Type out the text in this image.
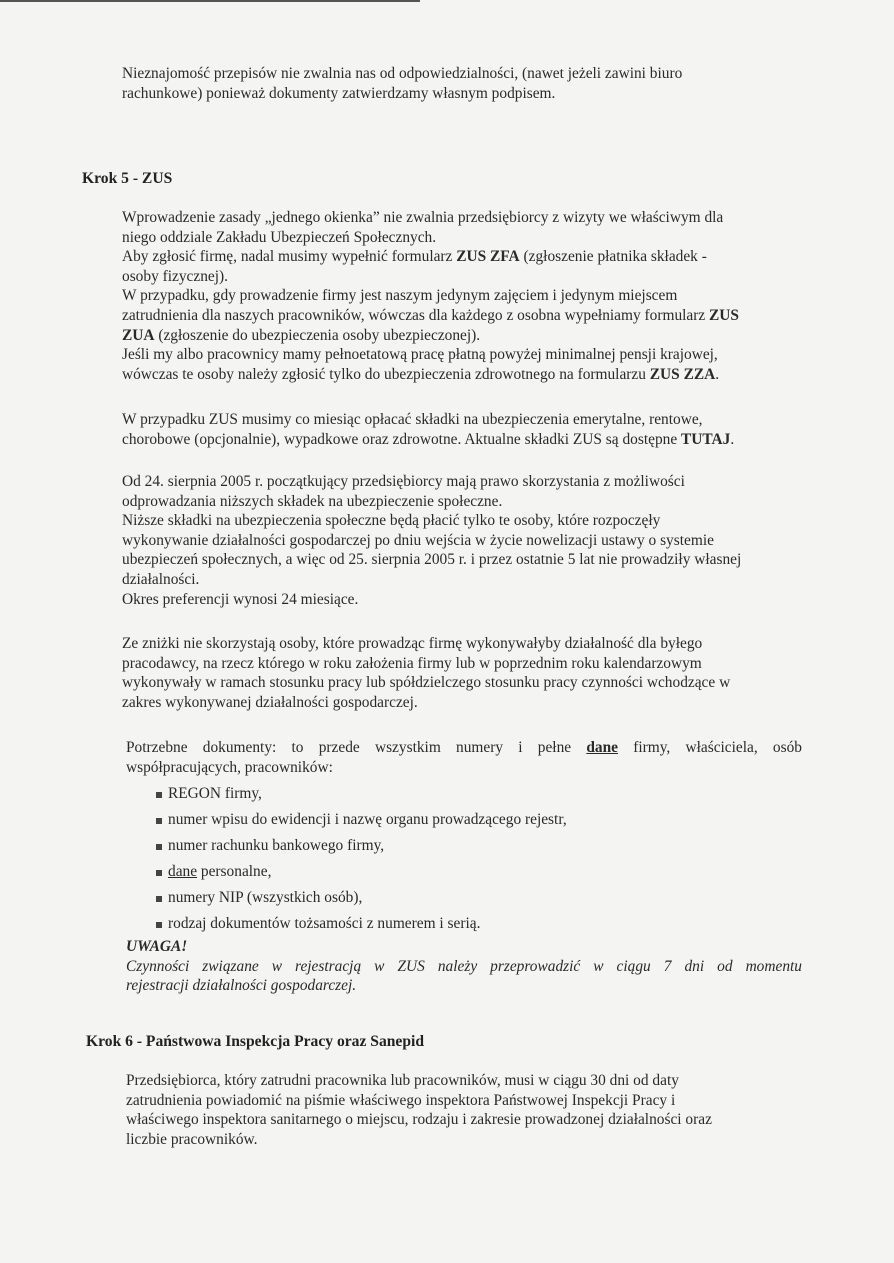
Nieznajomość przepisów nie zwalnia nas od odpowiedzialności, (nawet jeżeli zawini biuro

rachunkowe) ponieważ dokumenty zatwierdzamy własnym podpisem.

Krok 5 - ZUS

Wprowadzenie zasady „jednego okienka” nie zwalnia przedsiębiorcy z wizyty we właściwym dla

niego oddziale Zakładu Ubezpieczeń Społecznych.

Aby zgłosić firmę, nadal musimy wypełnić formularz ZUS ZFA (zgłoszenie płatnika składek -

osoby fizycznej).

W przypadku, gdy prowadzenie firmy jest naszym jedynym zajęciem i jedynym miejscem

zatrudnienia dla naszych pracowników, wówczas dla każdego z osobna wypełniamy formularz ZUS

ZUA (zgłoszenie do ubezpieczenia osoby ubezpieczonej).

Jeśli my albo pracownicy mamy pełnoetatową pracę płatną powyżej minimalnej pensji krajowej,

wówczas te osoby należy zgłosić tylko do ubezpieczenia zdrowotnego na formularzu ZUS ZZA.

W przypadku ZUS musimy co miesiąc opłacać składki na ubezpieczenia emerytalne, rentowe,

chorobowe (opcjonalnie), wypadkowe oraz zdrowotne. Aktualne składki ZUS są dostępne TUTAJ.

Od 24. sierpnia 2005 r. początkujący przedsiębiorcy mają prawo skorzystania z możliwości

odprowadzania niższych składek na ubezpieczenie społeczne.

Niższe składki na ubezpieczenia społeczne będą płacić tylko te osoby, które rozpoczęły

wykonywanie działalności gospodarczej po dniu wejścia w życie nowelizacji ustawy o systemie

ubezpieczeń społecznych, a więc od 25. sierpnia 2005 r. i przez ostatnie 5 lat nie prowadziły własnej

działalności.

Okres preferencji wynosi 24 miesiące.

Ze zniżki nie skorzystają osoby, które prowadząc firmę wykonywałyby działalność dla byłego

pracodawcy, na rzecz którego w roku założenia firmy lub w poprzednim roku kalendarzowym

wykonywały w ramach stosunku pracy lub spółdzielczego stosunku pracy czynności wchodzące w

zakres wykonywanej działalności gospodarczej.

Potrzebne dokumenty: to przede wszystkim numery i pełne dane firmy, właściciela, osób

współpracujących, pracowników:

REGON firmy,
numer wpisu do ewidencji i nazwę organu prowadzącego rejestr,
numer rachunku bankowego firmy,
dane personalne,
numery NIP (wszystkich osób),
rodzaj dokumentów tożsamości z numerem i serią.

UWAGA!

Czynności związane w rejestracją w ZUS należy przeprowadzić w ciągu 7 dni od momentu

rejestracji działalności gospodarczej.

Krok 6 - Państwowa Inspekcja Pracy oraz Sanepid

Przedsiębiorca, który zatrudni pracownika lub pracowników, musi w ciągu 30 dni od daty

zatrudnienia powiadomić na piśmie właściwego inspektora Państwowej Inspekcji Pracy i

właściwego inspektora sanitarnego o miejscu, rodzaju i zakresie prowadzonej działalności oraz

liczbie pracowników.
